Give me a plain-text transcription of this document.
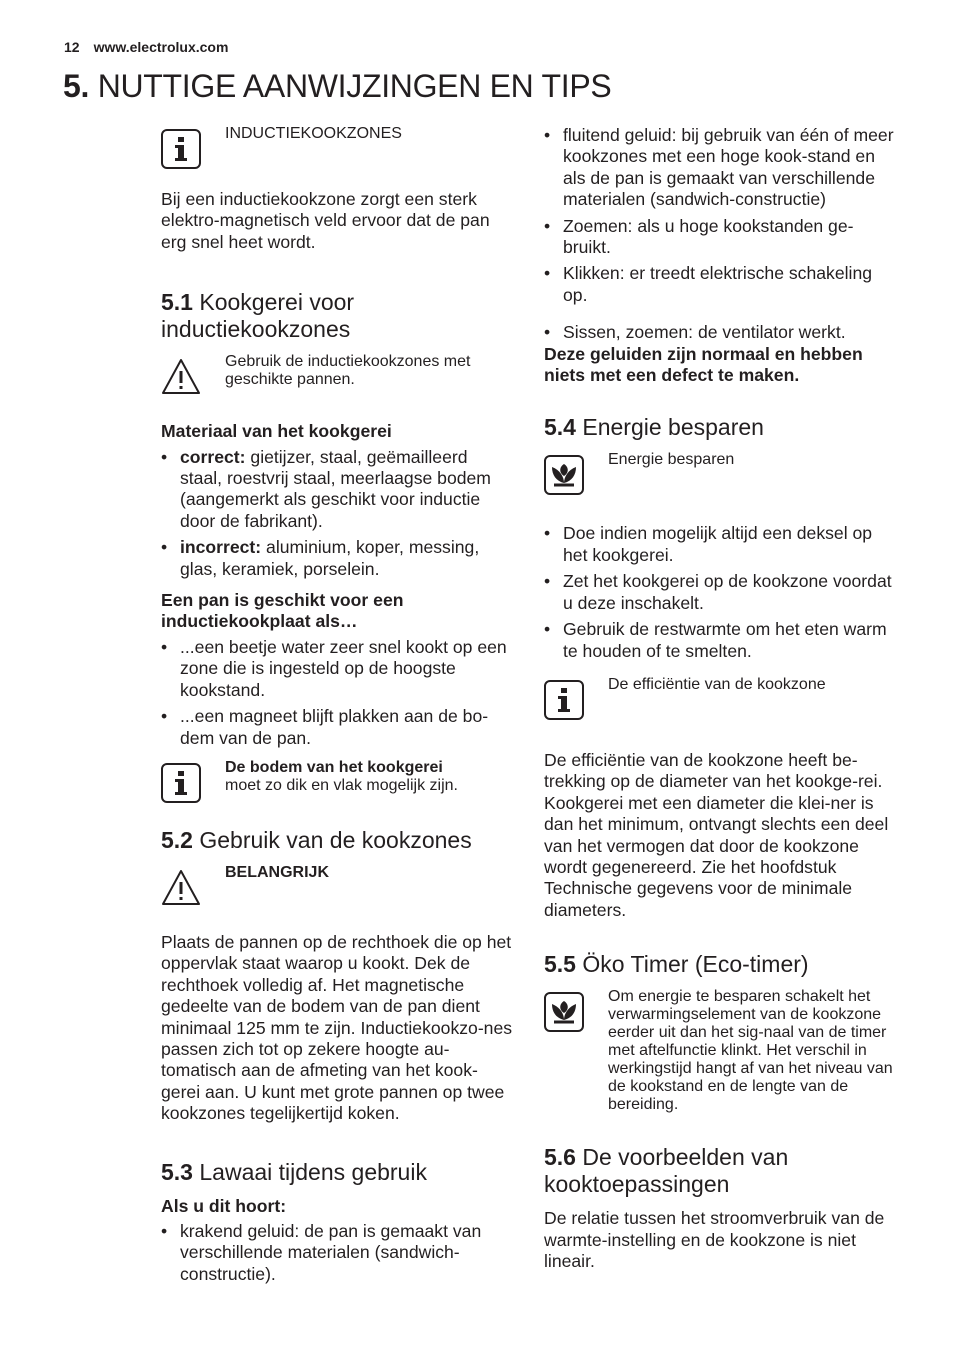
12 www.electrolux.com
5. NUTTIGE AANWIJZINGEN EN TIPS
INDUCTIEKOOKZONES

Bij een inductiekookzone zorgt een sterk elektro-magnetisch veld ervoor dat de pan erg snel heet wordt.

5.1 Kookgerei voor inductiekookzones
Gebruik de inductiekookzones met geschikte pannen.
Materiaal van het kookgerei
• correct: gietijzer, staal, geëmailleerd staal, roestvrij staal, meerlaagse bodem (aangemerkt als geschikt voor inductie door de fabrikant).
• incorrect: aluminium, koper, messing, glas, keramiek, porselein.
Een pan is geschikt voor een inductiekookplaat als…
• ...een beetje water zeer snel kookt op een zone die is ingesteld op de hoogste kookstand.
• ...een magneet blijft plakken aan de bo-dem van de pan.
De bodem van het kookgerei
moet zo dik en vlak mogelijk zijn.
5.2 Gebruik van de kookzones
BELANGRIJK

Plaats de pannen op de rechthoek die op het oppervlak staat waarop u kookt. Dek de rechthoek volledig af. Het magnetische gedeelte van de bodem van de pan dient minimaal 125 mm te zijn. Inductiekookzo-nes passen zich tot op zekere hoogte au-tomatisch aan de afmeting van het kook-gerei aan. U kunt met grote pannen op twee kookzones tegelijkertijd koken.

5.3 Lawaai tijdens gebruik
Als u dit hoort:
• krakend geluid: de pan is gemaakt van verschillende materialen (sandwich-constructie).
• fluitend geluid: bij gebruik van één of meer kookzones met een hoge kook-stand en als de pan is gemaakt van verschillende materialen (sandwich-constructie)
• Zoemen: als u hoge kookstanden ge-bruikt.
• Klikken: er treedt elektrische schakeling op.
• Sissen, zoemen: de ventilator werkt.

Deze geluiden zijn normaal en hebben niets met een defect te maken.

5.4 Energie besparen
Energie besparen
• Doe indien mogelijk altijd een deksel op het kookgerei.
• Zet het kookgerei op de kookzone voordat u deze inschakelt.
• Gebruik de restwarmte om het eten warm te houden of te smelten.
De efficiëntie van de kookzone

De efficiëntie van de kookzone heeft be-trekking op de diameter van het kookge-rei. Kookgerei met een diameter die klei-ner is dan het minimum, ontvangt slechts een deel van het vermogen dat door de kookzone wordt gegenereerd. Zie het hoofdstuk Technische gegevens voor de minimale diameters.

5.5 Öko Timer (Eco-timer)
Om energie te besparen schakelt het verwarmingselement van de kookzone eerder uit dan het sig-naal van de timer met aftelfunctie klinkt. Het verschil in werkingstijd hangt af van het niveau van de kookstand en de lengte van de bereiding.
5.6 De voorbeelden van kooktoepassingen

De relatie tussen het stroomverbruik van de warmte-instelling en de kookzone is niet lineair.
